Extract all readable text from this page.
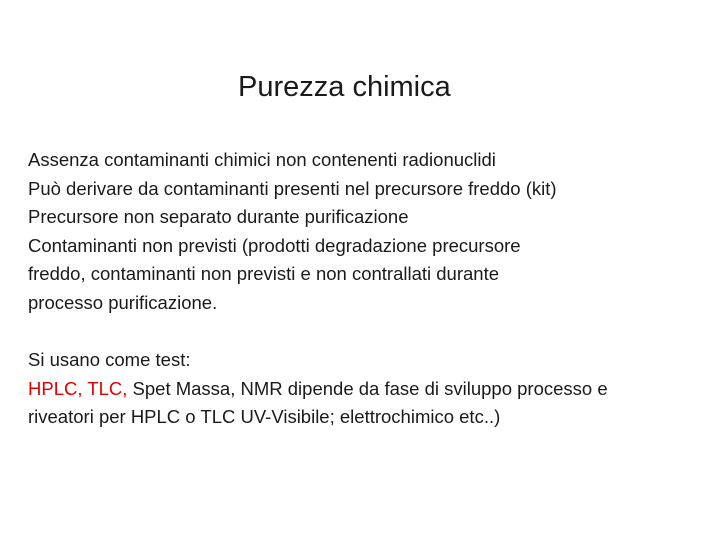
Purezza chimica
Assenza contaminanti chimici non contenenti radionuclidi
Può derivare da contaminanti presenti nel precursore freddo (kit)
Precursore non separato durante purificazione
Contaminanti non previsti (prodotti degradazione precursore
freddo, contaminanti non previsti e non contrallati durante
processo purificazione.
Si usano come test:
HPLC, TLC, Spet Massa, NMR dipende da fase di sviluppo processo e
riveatori per HPLC o TLC UV-Visibile; elettrochimico etc..)
